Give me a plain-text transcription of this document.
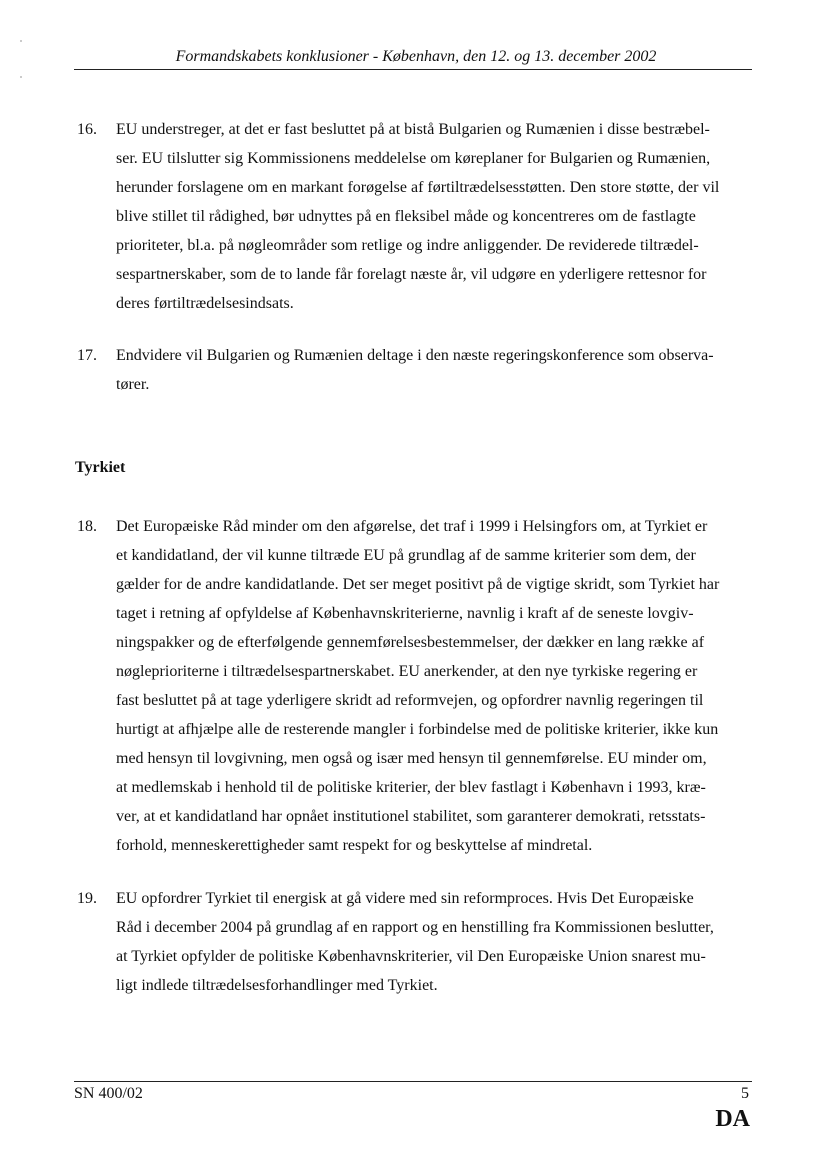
Formandskabets konklusioner - København, den 12. og 13. december 2002
16.	EU understreger, at det er fast besluttet på at bistå Bulgarien og Rumænien i disse bestræbel-
ser. EU tilslutter sig Kommissionens meddelelse om køreplaner for Bulgarien og Rumænien,
herunder forslagene om en markant forøgelse af førtiltrædelsesstøtten. Den store støtte, der vil
blive stillet til rådighed, bør udnyttes på en fleksibel måde og koncentreres om de fastlagte
prioriteter, bl.a. på nøgleområder som retlige og indre anliggender. De reviderede tiltrædel-
sespartnerskaber, som de to lande får forelagt næste år, vil udgøre en yderligere rettesnor for
deres førtiltrædelsesindsats.
17.	Endvidere vil Bulgarien og Rumænien deltage i den næste regeringskonference som observa-
tører.
Tyrkiet
18.	Det Europæiske Råd minder om den afgørelse, det traf i 1999 i Helsingfors om, at Tyrkiet er
et kandidatland, der vil kunne tiltræde EU på grundlag af de samme kriterier som dem, der
gælder for de andre kandidatlande. Det ser meget positivt på de vigtige skridt, som Tyrkiet har
taget i retning af opfyldelse af Københavnskriterierne, navnlig i kraft af de seneste lovgiv-
ningspakker og de efterfølgende gennemførelsesbestemmelser, der dækker en lang række af
nøgleprioriterne i tiltrædelsespartnerskabet. EU anerkender, at den nye tyrkiske regering er
fast besluttet på at tage yderligere skridt ad reformvejen, og opfordrer navnlig regeringen til
hurtigt at afhjælpe alle de resterende mangler i forbindelse med de politiske kriterier, ikke kun
med hensyn til lovgivning, men også og især med hensyn til gennemførelse. EU minder om,
at medlemskab i henhold til de politiske kriterier, der blev fastlagt i København i 1993, kræ-
ver, at et kandidatland har opnået institutionel stabilitet, som garanterer demokrati, retsstats-
forhold, menneskerettigheder samt respekt for og beskyttelse af mindretal.
19.	EU opfordrer Tyrkiet til energisk at gå videre med sin reformproces. Hvis Det Europæiske
Råd i december 2004 på grundlag af en rapport og en henstilling fra Kommissionen beslutter,
at Tyrkiet opfylder de politiske Københavnskriterier, vil Den Europæiske Union snarest mu-
ligt indlede tiltrædelsesforhandlinger med Tyrkiet.
SN 400/02	5
DA
